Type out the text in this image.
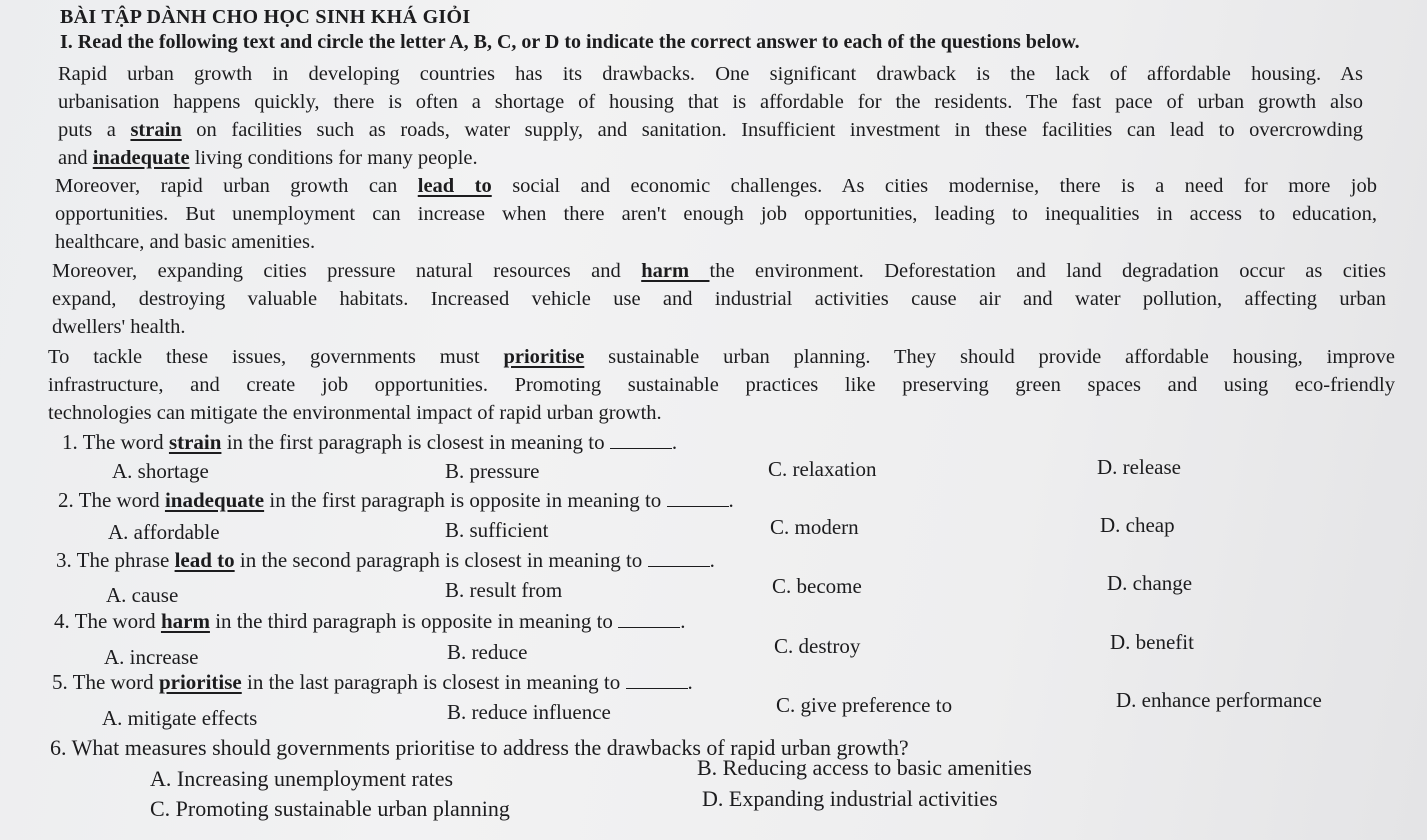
BÀI TẬP DÀNH CHO HỌC SINH KHÁ GIỎI
I. Read the following text and circle the letter A, B, C, or D to indicate the correct answer to each of the questions below.
Rapid urban growth in developing countries has its drawbacks. One significant drawback is the lack of affordable housing. As
urbanisation happens quickly, there is often a shortage of housing that is affordable for the residents. The fast pace of urban growth also
puts a strain on facilities such as roads, water supply, and sanitation. Insufficient investment in these facilities can lead to overcrowding
and inadequate living conditions for many people.
Moreover, rapid urban growth can lead to social and economic challenges. As cities modernise, there is a need for more job
opportunities. But unemployment can increase when there aren't enough job opportunities, leading to inequalities in access to education,
healthcare, and basic amenities.
Moreover, expanding cities pressure natural resources and harm the environment. Deforestation and land degradation occur as cities
expand, destroying valuable habitats. Increased vehicle use and industrial activities cause air and water pollution, affecting urban
dwellers' health.
To tackle these issues, governments must prioritise sustainable urban planning. They should provide affordable housing, improve
infrastructure, and create job opportunities. Promoting sustainable practices like preserving green spaces and using eco-friendly
technologies can mitigate the environmental impact of rapid urban growth.
1. The word strain in the first paragraph is closest in meaning to	.
A. shortage	B. pressure	C. relaxation	D. release
2. The word inadequate in the first paragraph is opposite in meaning to	.
A. affordable	B. sufficient	C. modern	D. cheap
3. The phrase lead to in the second paragraph is closest in meaning to	.
A. cause	B. result from	C. become	D. change
4. The word harm in the third paragraph is opposite in meaning to	.
A. increase	B. reduce	C. destroy	D. benefit
5. The word prioritise in the last paragraph is closest in meaning to	.
A. mitigate effects	B. reduce influence	C. give preference to	D. enhance performance
6. What measures should governments prioritise to address the drawbacks of rapid urban growth?
A. Increasing unemployment rates	B. Reducing access to basic amenities
C. Promoting sustainable urban planning	D. Expanding industrial activities
